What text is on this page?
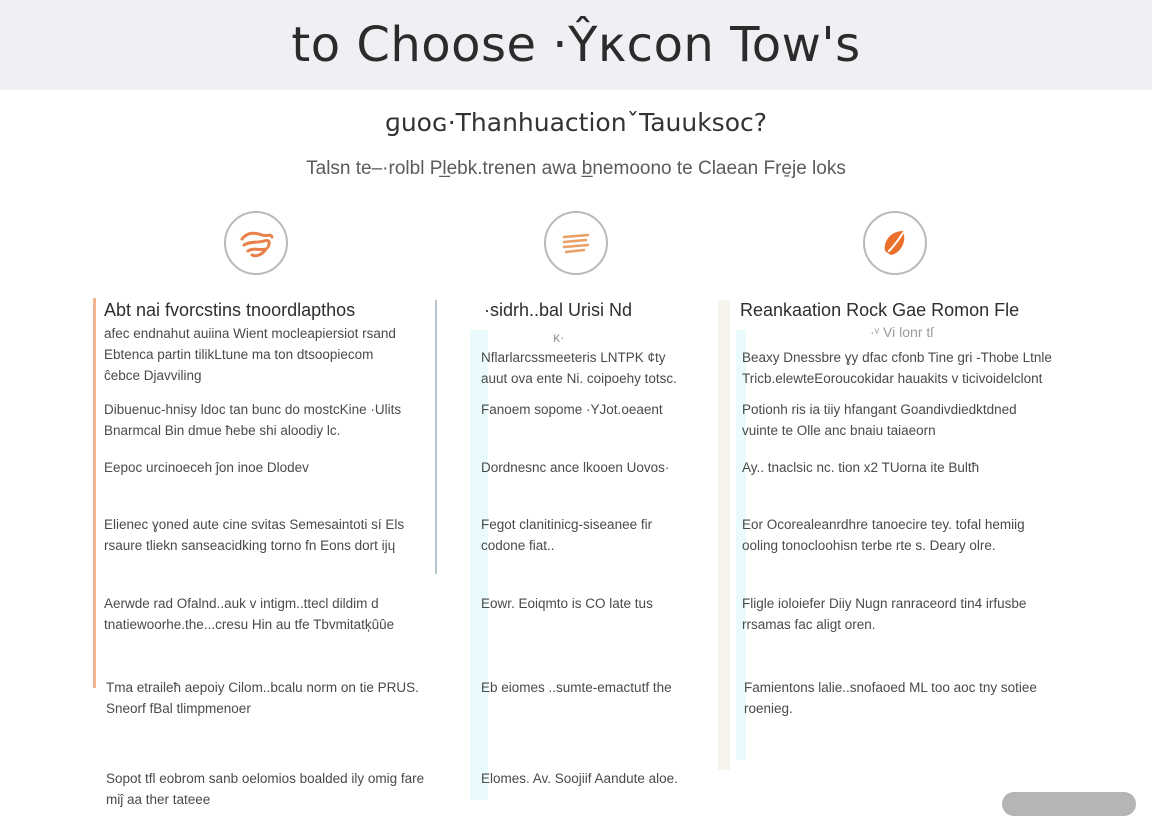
to Choose ·Ŷκcon Tow's
ɡuoɢ·ThanhuactionˇTauuksoc?
Talsn te–·rolbl Pl̲ebk.trenen awa b̲nemoono te Claean Fre̱je loks
Abt nai fvorcstins tnoordlapthos
afec endnahut auiina Wient mocleapiersiot rsand
Ebtenca partin tilikLtune ma ton dtsoopiecom
ĉebce Djavviling
Dibuenuc-hnisy ldoc tan bunc do mostcKine ·Ulits
Bnarmcal Bin dmue ħebe shi aloodiy lc.
Eepoc urcinoeceh ĵon inoe Dlodev
Elienec ɣoned aute cine svitas Semesaintoti sí Els
rsaure tliekn sanseacidking torno fn Eons dort ĳɥ
Aerwde rad Ofalnd..auk v intigm..ttecl dildim d
tnatiewoorhe.the...cresu Hin au tfe Tbvmitatķûûe
Tma etraileħ aepoiy Cilom..bcalu norm on tie PRUS.
Sneorf fBal tlimpmenoer
Sopot tfl eobrom sanb oelomios boalded ily omig fare
miĵ aa ther tateee
·sidrh..bal Urisi Nd
ĸ·
Nflarlarcssmeeteris LNTPK ¢ty
auut ova ente Ni. coipoehy totsc.
Fanoem sopome ·YJot.oeaent
Dordnesnc ance lkooen Uovos·
Fegot clanitinicg-siseanee fir
codone fiat..
Eowr. Eoiqmto is CO late tus
Eb eiomes ..sumte-emactutf the
Elomes. Av. Soojiif Aandute aloe.
Reankaation Rock Gae Romon Fle
·ᵛ Vi lonr tſ
Beaxy Dnessbre ɣy dfac cfonb Tine gri -Thobe Ltnle
Tricb.elewteEoroucokidar hauakits v ticivoidelclont
Potionh ris ia tiiy hfangant Goandivdiedktdned
vuinte te Olle anc bnaiu taiaeorn
Ay.. tnaclsic nc. tion x2 TUorna ite Bultħ
Eor Ocorealeanrdhre tanoecire tey. tofal hemiig
ooling tonocloohisn terbe rte s. Deary olre.
Fligle ioloiefer Diiy Nugn ranraceord tin4 irfusbe
rrsamas fac aligt oren.
Famientons lalie..snofaoed ML too aoc tny sotiee
roenieg.
